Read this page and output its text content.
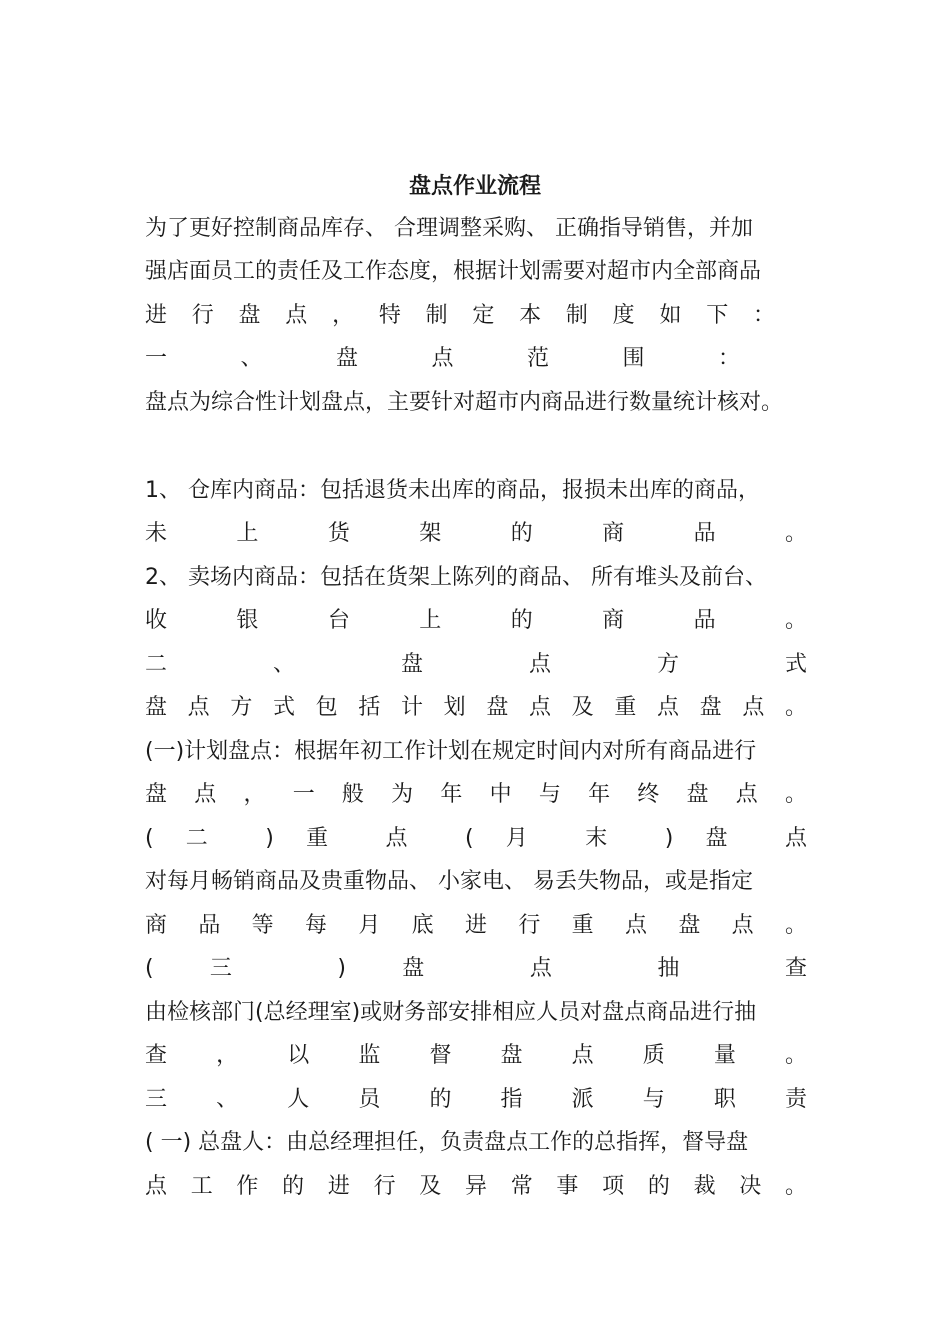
盘点作业流程
为了更好控制商品库存、 合理调整采购、 正确指导销售，并加
强店面员工的责任及工作态度，根据计划需要对超市内全部商品
进 行 盘 点 ， 特 制 定 本 制 度 如 下 ：
一 、 盘 点 范 围 ：
盘点为综合性计划盘点，主要针对超市内商品进行数量统计核对。
1、 仓库内商品：包括退货未出库的商品，报损未出库的商品，
未 上 货 架 的 商 品 。
2、 卖场内商品：包括在货架上陈列的商品、 所有堆头及前台、
收 银 台 上 的 商 品 。
二 、 盘 点 方 式
盘 点 方 式 包 括 计 划 盘 点 及 重 点 盘 点 。
(一)计划盘点：根据年初工作计划在规定时间内对所有商品进行
盘 点 ， 一 般 为 年 中 与 年 终 盘 点 。
( 二 ) 重 点 ( 月 末 ) 盘 点
对每月畅销商品及贵重物品、 小家电、 易丢失物品，或是指定
商 品 等 每 月 底 进 行 重 点 盘 点 。
( 三 ) 盘 点 抽 查
由检核部门(总经理室)或财务部安排相应人员对盘点商品进行抽
查 ， 以 监 督 盘 点 质 量 。
三 、 人 员 的 指 派 与 职 责
( 一) 总盘人：由总经理担任，负责盘点工作的总指挥，督导盘
点 工 作 的 进 行 及 异 常 事 项 的 裁 决 。
